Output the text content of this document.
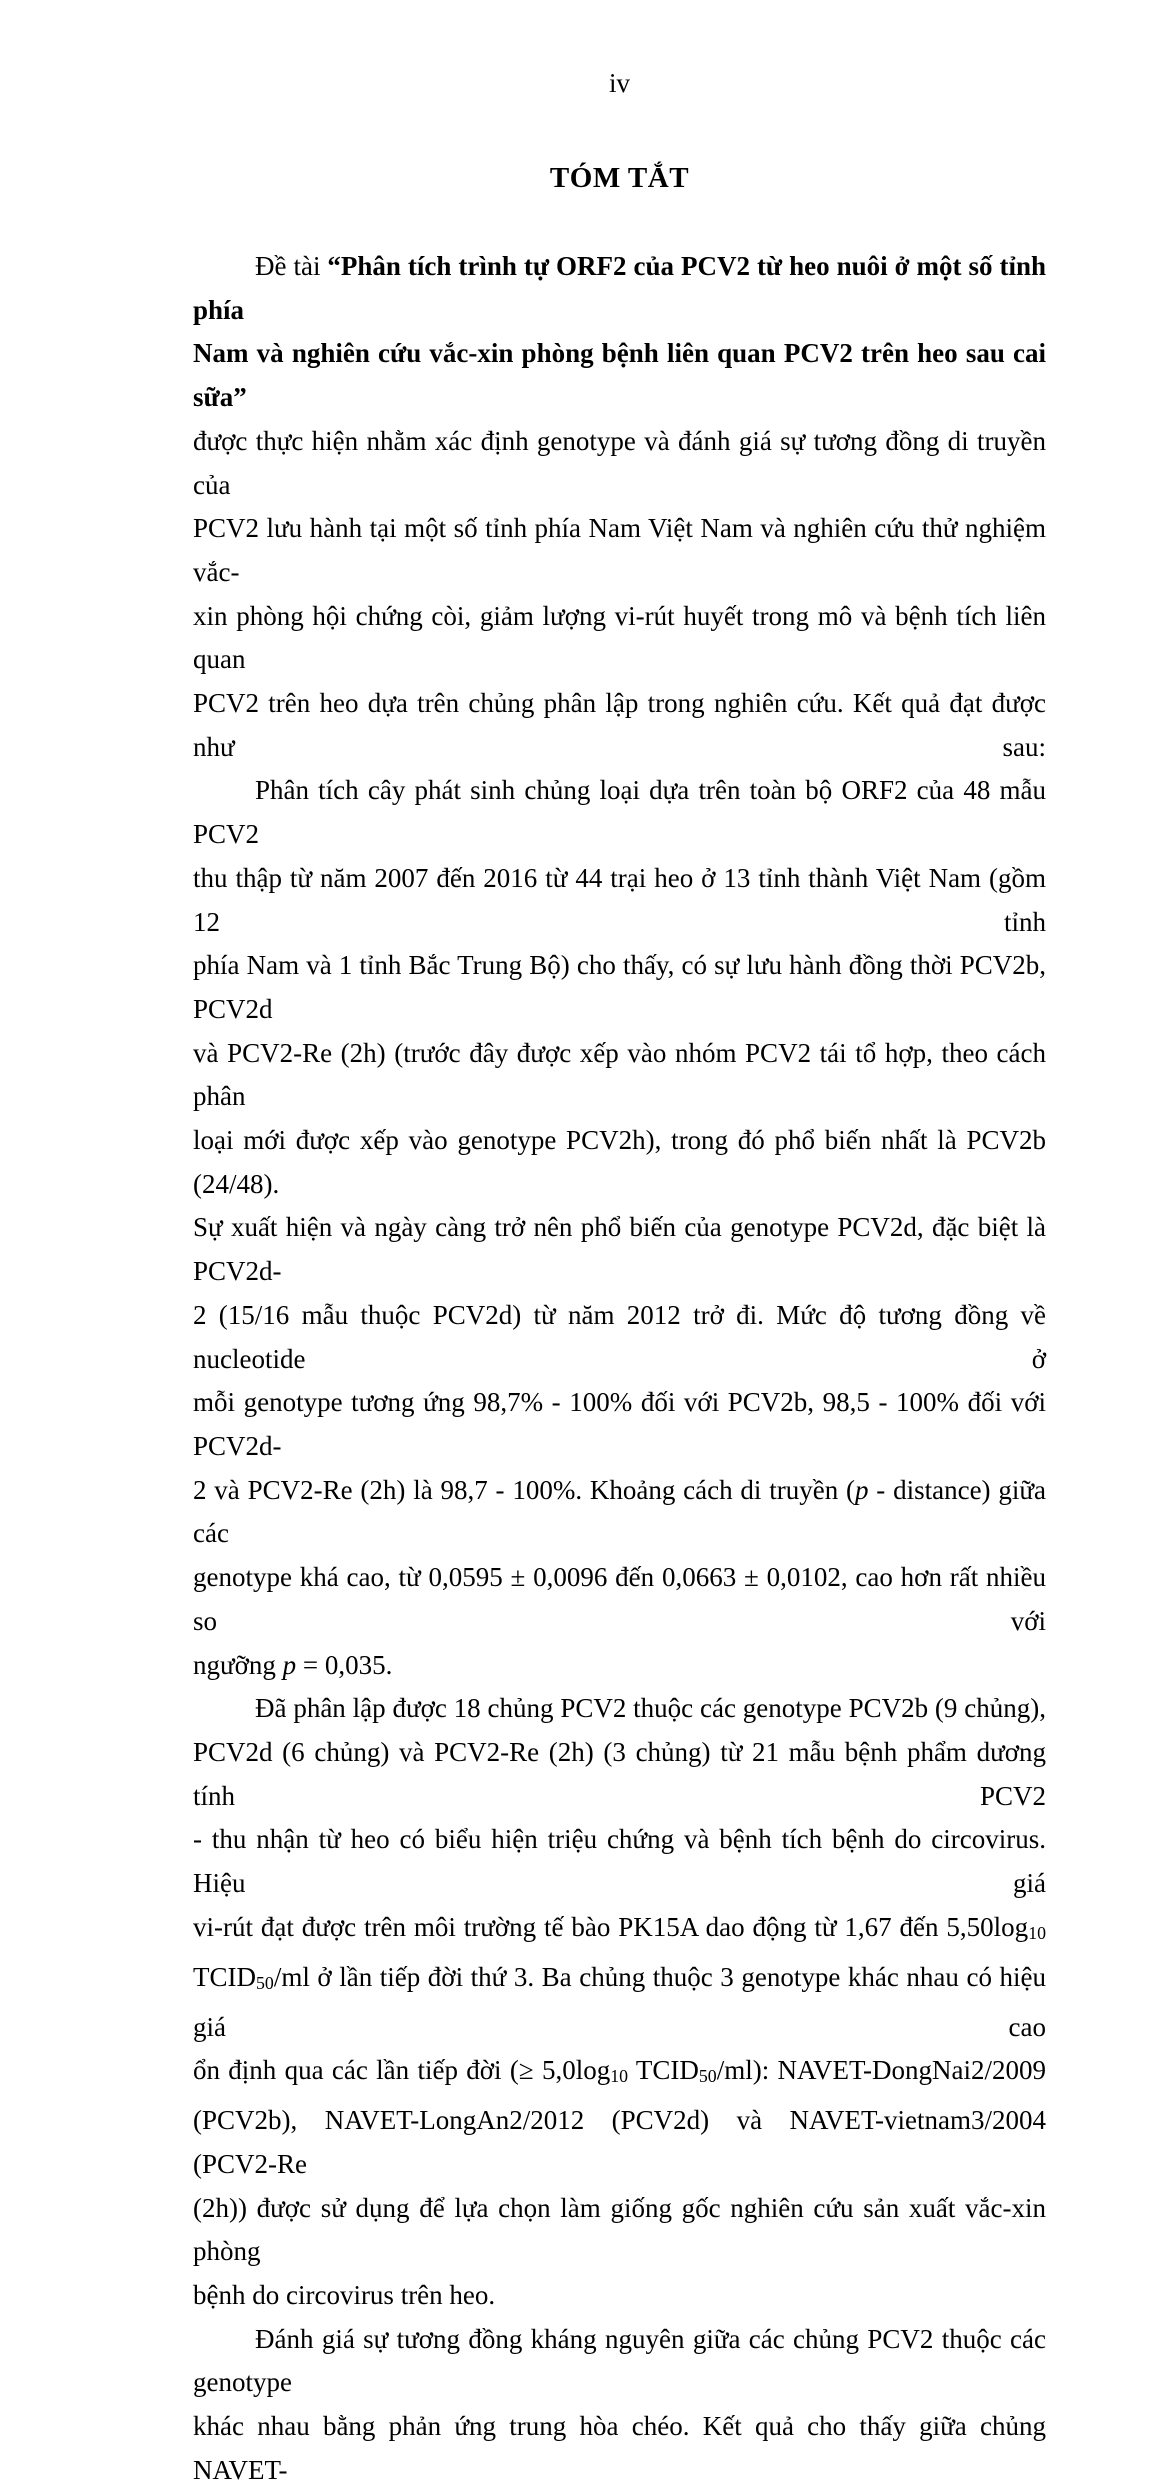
iv
TÓM TẮT
Đề tài “Phân tích trình tự ORF2 của PCV2 từ heo nuôi ở một số tỉnh phía
Nam và nghiên cứu vắc-xin phòng bệnh liên quan PCV2 trên heo sau cai sữa”
được thực hiện nhằm xác định genotype và đánh giá sự tương đồng di truyền của
PCV2 lưu hành tại một số tỉnh phía Nam Việt Nam và nghiên cứu thử nghiệm vắc-
xin phòng hội chứng còi, giảm lượng vi-rút huyết trong mô và bệnh tích liên quan
PCV2 trên heo dựa trên chủng phân lập trong nghiên cứu. Kết quả đạt được như sau:
Phân tích cây phát sinh chủng loại dựa trên toàn bộ ORF2 của 48 mẫu PCV2
thu thập từ năm 2007 đến 2016 từ 44 trại heo ở 13 tỉnh thành Việt Nam (gồm 12 tỉnh
phía Nam và 1 tỉnh Bắc Trung Bộ) cho thấy, có sự lưu hành đồng thời PCV2b, PCV2d
và PCV2-Re (2h) (trước đây được xếp vào nhóm PCV2 tái tổ hợp, theo cách phân
loại mới được xếp vào genotype PCV2h), trong đó phổ biến nhất là PCV2b (24/48).
Sự xuất hiện và ngày càng trở nên phổ biến của genotype PCV2d, đặc biệt là PCV2d-
2 (15/16 mẫu thuộc PCV2d) từ năm 2012 trở đi. Mức độ tương đồng về nucleotide ở
mỗi genotype tương ứng 98,7% - 100% đối với PCV2b, 98,5 - 100% đối với PCV2d-
2 và PCV2-Re (2h) là 98,7 - 100%. Khoảng cách di truyền (p - distance) giữa các
genotype khá cao, từ 0,0595 ± 0,0096 đến 0,0663 ± 0,0102, cao hơn rất nhiều so với
ngưỡng p = 0,035.
Đã phân lập được 18 chủng PCV2 thuộc các genotype PCV2b (9 chủng),
PCV2d (6 chủng) và PCV2-Re (2h) (3 chủng) từ 21 mẫu bệnh phẩm dương tính PCV2
- thu nhận từ heo có biểu hiện triệu chứng và bệnh tích bệnh do circovirus. Hiệu giá
vi-rút đạt được trên môi trường tế bào PK15A dao động từ 1,67 đến 5,50log10
TCID50/ml ở lần tiếp đời thứ 3. Ba chủng thuộc 3 genotype khác nhau có hiệu giá cao
ổn định qua các lần tiếp đời (≥ 5,0log10 TCID50/ml): NAVET-DongNai2/2009
(PCV2b), NAVET-LongAn2/2012 (PCV2d) và NAVET-vietnam3/2004 (PCV2-Re
(2h)) được sử dụng để lựa chọn làm giống gốc nghiên cứu sản xuất vắc-xin phòng
bệnh do circovirus trên heo.
Đánh giá sự tương đồng kháng nguyên giữa các chủng PCV2 thuộc các genotype
khác nhau bằng phản ứng trung hòa chéo. Kết quả cho thấy giữa chủng NAVET-
